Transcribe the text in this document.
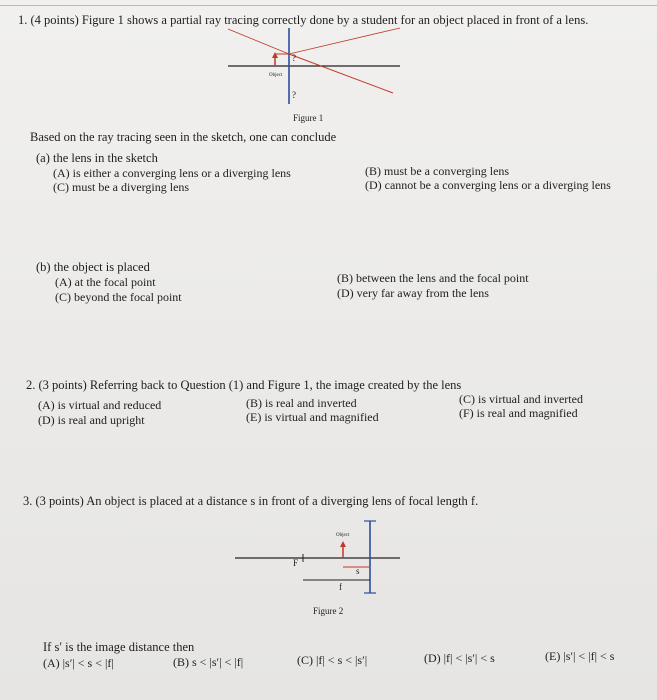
1. (4 points) Figure 1 shows a partial ray tracing correctly done by a student for an object placed in front of a lens.
Object
?
?
Figure 1
Based on the ray tracing seen in the sketch, one can conclude
(a) the lens in the sketch
(A) is either a converging lens or a diverging lens	(B) must be a converging lens
(C) must be a diverging lens	(D) cannot be a converging lens or a diverging lens
(b) the object is placed
(A) at the focal point	(B) between the lens and the focal point
(C) beyond the focal point	(D) very far away from the lens
2. (3 points) Referring back to Question (1) and Figure 1, the image created by the lens
(A) is virtual and reduced	(B) is real and inverted	(C) is virtual and inverted
(D) is real and upright	(E) is virtual and magnified	(F) is real and magnified
3. (3 points) An object is placed at a distance s in front of a diverging lens of focal length f.
Object
s
f
F
Figure 2
If s′ is the image distance then
(A) |s′| < s < |f|	(B) s < |s′| < |f|	(C) |f| < s < |s′|	(D) |f| < |s′| < s	(E) |s′| < |f| < s
